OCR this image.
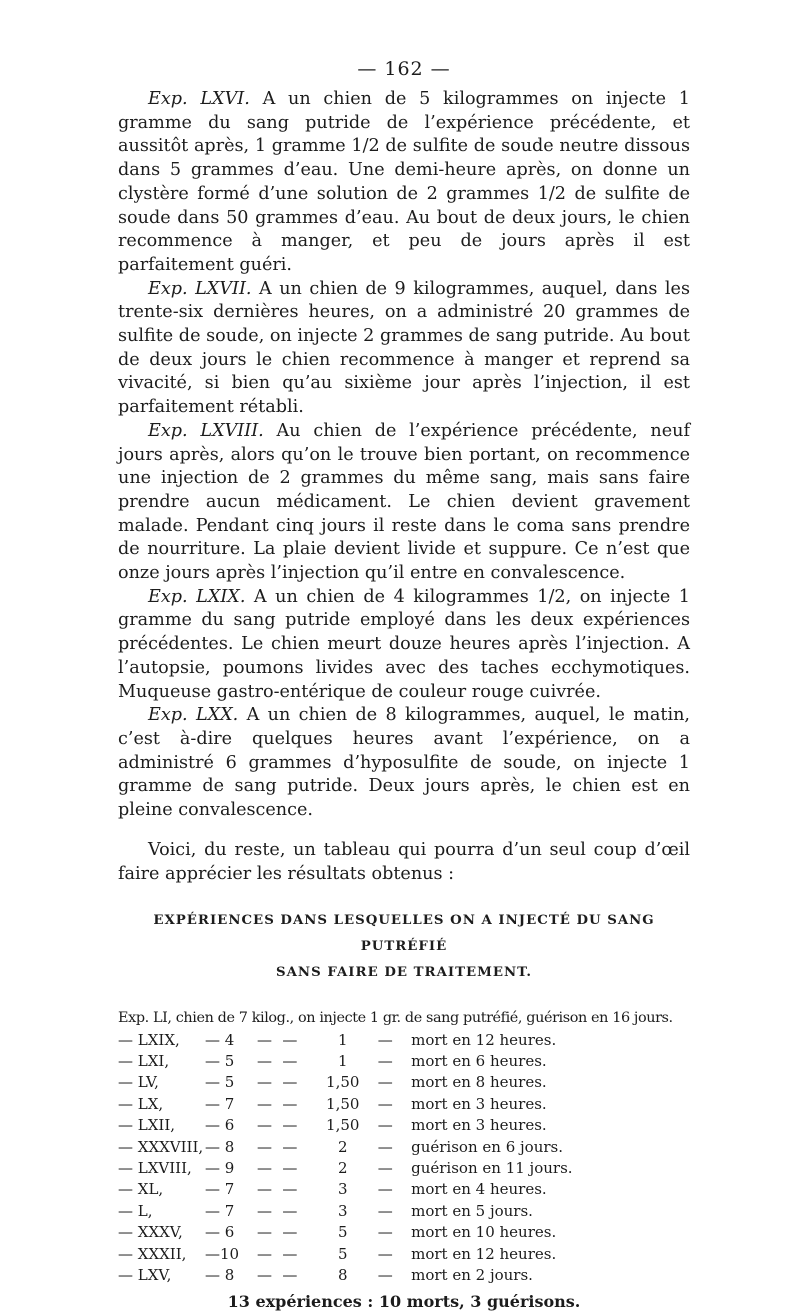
— 162 —

Exp. LXVI. A un chien de 5 kilogrammes on injecte 1 gramme du sang putride de l’expérience précédente, et aussitôt après, 1 gramme 1/2 de sulfite de soude neutre dissous dans 5 grammes d’eau. Une demi-heure après, on donne un clystère formé d’une solution de 2 grammes 1/2 de sulfite de soude dans 50 grammes d’eau. Au bout de deux jours, le chien recommence à manger, et peu de jours après il est parfaitement guéri.

Exp. LXVII. A un chien de 9 kilogrammes, auquel, dans les trente-six dernières heures, on a administré 20 grammes de sulfite de soude, on injecte 2 grammes de sang putride. Au bout de deux jours le chien recommence à manger et reprend sa vivacité, si bien qu’au sixième jour après l’injection, il est parfaitement rétabli.

Exp. LXVIII. Au chien de l’expérience précédente, neuf jours après, alors qu’on le trouve bien portant, on recommence une injection de 2 grammes du même sang, mais sans faire prendre aucun médicament. Le chien devient gravement malade. Pendant cinq jours il reste dans le coma sans prendre de nourriture. La plaie devient livide et suppure. Ce n’est que onze jours après l’injection qu’il entre en convalescence.

Exp. LXIX. A un chien de 4 kilogrammes 1/2, on injecte 1 gramme du sang putride employé dans les deux expériences précédentes. Le chien meurt douze heures après l’injection. A l’autopsie, poumons livides avec des taches ecchymotiques. Muqueuse gastro-entérique de couleur rouge cuivrée.

Exp. LXX. A un chien de 8 kilogrammes, auquel, le matin, c’est à-dire quelques heures avant l’expérience, on a administré 6 grammes d’hyposulfite de soude, on injecte 1 gramme de sang putride. Deux jours après, le chien est en pleine convalescence.

Voici, du reste, un tableau qui pourra d’un seul coup d’œil faire apprécier les résultats obtenus :

EXPÉRIENCES DANS LESQUELLES ON A INJECTÉ DU SANG PUTRÉFIÉ
SANS FAIRE DE TRAITEMENT.
Exp. LI, chien de 7 kilog., on injecte 1 gr. de sang putréfié, guérison en 16 jours.						
— LXIX,	— 4	—	—	1	—	mort en 12 heures.
— LXI,	— 5	—	—	1	—	mort en 6 heures.
— LV,	— 5	—	—	1,50	—	mort en 8 heures.
— LX,	— 7	—	—	1,50	—	mort en 3 heures.
— LXII,	— 6	—	—	1,50	—	mort en 3 heures.
— XXXVIII,	— 8	—	—	2	—	guérison en 6 jours.
— LXVIII,	— 9	—	—	2	—	guérison en 11 jours.
— XL,	— 7	—	—	3	—	mort en 4 heures.
— L,	— 7	—	—	3	—	mort en 5 jours.
— XXXV,	— 6	—	—	5	—	mort en 10 heures.
— XXXII,	—10	—	—	5	—	mort en 12 heures.
— LXV,	— 8	—	—	8	—	mort en 2 jours.
13 expériences : 10 morts, 3 guérisons.
